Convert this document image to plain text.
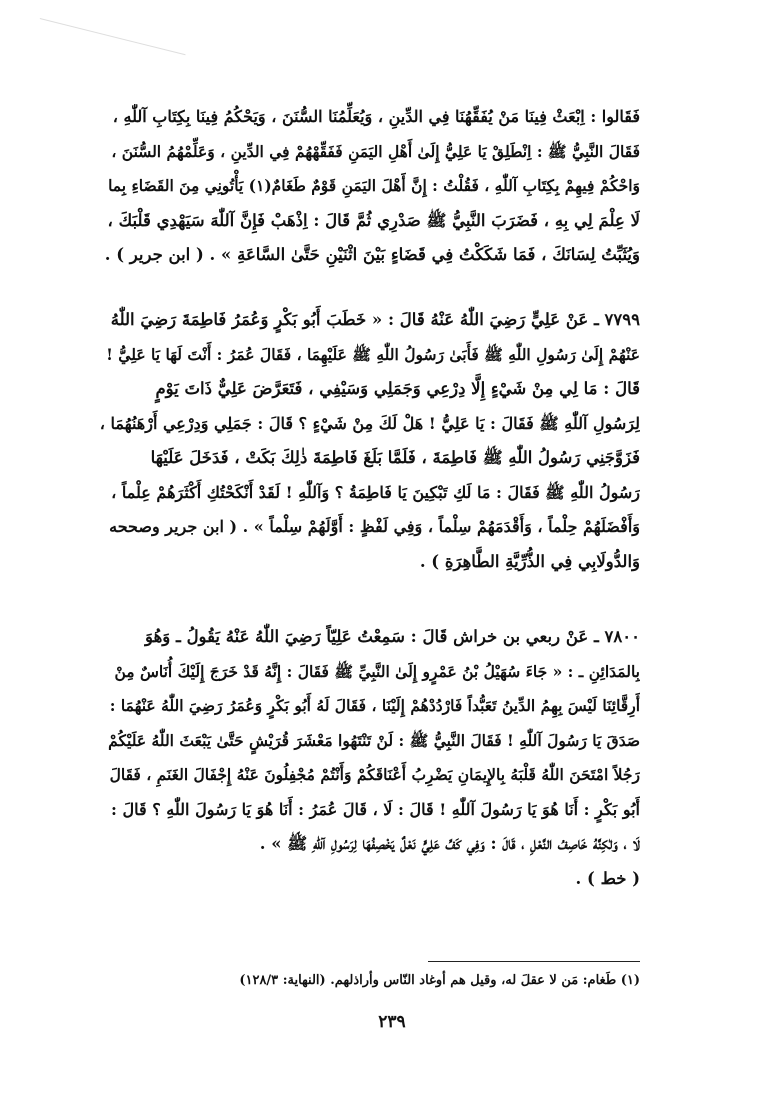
فَقَالوا : اِبْعَثْ فِينَا مَنْ يُفَقِّهُنَا فِي الدِّينِ ، وَيُعَلِّمُنَا السُّنَنَ ، وَيَحْكُمُ فِينَا بِكِتَابِ آللّٰهِ ،
فَقَالَ النَّبِيُّ ﷺ : اِنْطَلِقْ يَا عَلِيُّ إِلَىٰ أَهْلِ اليَمَنِ فَفَقِّهْهُمْ فِي الدِّينِ ، وَعَلِّمْهُمُ السُّنَنَ ،
وَاحْكُمْ فِيهِمْ بِكِتَابِ آللّٰهِ ، فَقُلْتُ : إِنَّ أَهْلَ اليَمَنِ قَوْمٌ طَغَامٌ(١) يَأْتُونِي مِنَ القَضَاءِ بِما
لَا عِلْمَ لِي بِهِ ، فَضَرَبَ النَّبِيُّ ﷺ صَدْرِي ثُمَّ قَالَ : اِذْهَبْ فَإِنَّ آللّٰهَ سَيَهْدِي قَلْبَكَ ،
وَيُثَبِّتُ لِسَانَكَ ، فَمَا شَكَكْتُ فِي قَضَاءٍ بَيْنَ اثْنَيْنِ حَتَّىٰ السَّاعَةِ » . ( ابن جرير ) .
٧٧٩٩ ـ عَنْ عَلِيٍّ رَضِيَ اللّٰهُ عَنْهُ قَالَ : « خَطَبَ أَبُو بَكْرٍ وَعُمَرُ فَاطِمَةَ رَضِيَ اللّٰهُ
عَنْهُمْ إِلَىٰ رَسُولِ اللّٰهِ ﷺ فَأَبَىٰ رَسُولُ اللّٰهِ ﷺ عَلَيْهِمَا ، فَقَالَ عُمَرُ : أَنْتَ لَهَا يَا عَلِيُّ !
قَالَ : مَا لِي مِنْ شَيْءٍ إِلَّا دِرْعِي وَجَمَلِي وَسَيْفِي ، فَتَعَرَّضَ عَلِيٌّ ذَاتَ يَوْمٍ
لِرَسُولِ آللّٰهِ ﷺ فَقَالَ : يَا عَلِيُّ ! هَلْ لَكَ مِنْ شَيْءٍ ؟ قَالَ : جَمَلِي وَدِرْعِي أَرْهَنُهُمَا ،
فَزَوَّجَنِي رَسُولُ اللّٰهِ ﷺ فَاطِمَةَ ، فَلَمَّا بَلَغَ فَاطِمَةَ ذٰلِكَ بَكَتْ ، فَدَخَلَ عَلَيْهَا
رَسُولُ اللّٰهِ ﷺ فَقَالَ : مَا لَكِ تَبْكِينَ يَا فَاطِمَةُ ؟ وَآللّٰهِ ! لَقَدْ أَنْكَحْتُكِ أَكْثَرَهُمْ عِلْماً ،
وَأَفْضَلَهُمْ حِلْماً ، وَأَقْدَمَهُمْ سِلْماً ، وَفِي لَفْظٍ : أَوَّلَهُمْ سِلْماً » . ( ابن جرير وصححه
وَالدُّولَابِي فِي الذُّرِّيَّةِ الطَّاهِرَةِ ) .
٧٨٠٠ ـ عَنْ ربعي بن خراش قَالَ : سَمِعْتُ عَلِيّاً رَضِيَ اللّٰهُ عَنْهُ يَقُولُ ـ وَهُوَ
بِالمَدَائِنِ ـ : « جَاءَ سُهَيْلُ بْنُ عَمْرٍو إِلَىٰ النَّبِيِّ ﷺ فَقَالَ : إِنَّهُ قَدْ خَرَجَ إِلَيْكَ أُنَاسٌ مِنْ
أَرِقَّائِنَا لَيْسَ بِهِمُ الدِّينُ تَعَبُّداً فَارْدُدْهُمْ إِلَيْنَا ، فَقَالَ لَهُ أَبُو بَكْرٍ وَعُمَرُ رَضِيَ اللّٰهُ عَنْهُمَا :
صَدَقَ يَا رَسُولَ آللّٰهِ ! فَقَالَ النَّبِيُّ ﷺ : لَنْ تَنْتَهُوا مَعْشَرَ قُرَيْشٍ حَتَّىٰ يَبْعَثَ اللّٰهُ عَلَيْكُمْ
رَجُلاً امْتَحَنَ اللّٰهُ قَلْبَهُ بِالإِيمَانِ يَضْرِبُ أَعْنَاقَكُمْ وَأَنْتُمْ مُجْفِلُونَ عَنْهُ إِجْفَالَ الغَنَمِ ، فَقَالَ
أَبُو بَكْرٍ : أَنَا هُوَ يَا رَسُولَ آللّٰهِ ! قَالَ : لَا ، قَالَ عُمَرُ : أَنَا هُوَ يَا رَسُولَ اللّٰهِ ؟ قَالَ :
لَا ، وَلٰكِنَّهُ خَاصِفُ النَّعْلِ ، قَالَ : وَفِي كَفِّ عَلِيٍّ نَعْلٌ يَخْصِفُهَا لِرَسُولِ آللّٰهِ ﷺ » .
( خط ) .
(١) طَغام: مَن لا عقلَ له، وقيل هم أوغاد النّاس وأراذلهم. (النهاية: ١٢٨/٣)
٢٣٩
